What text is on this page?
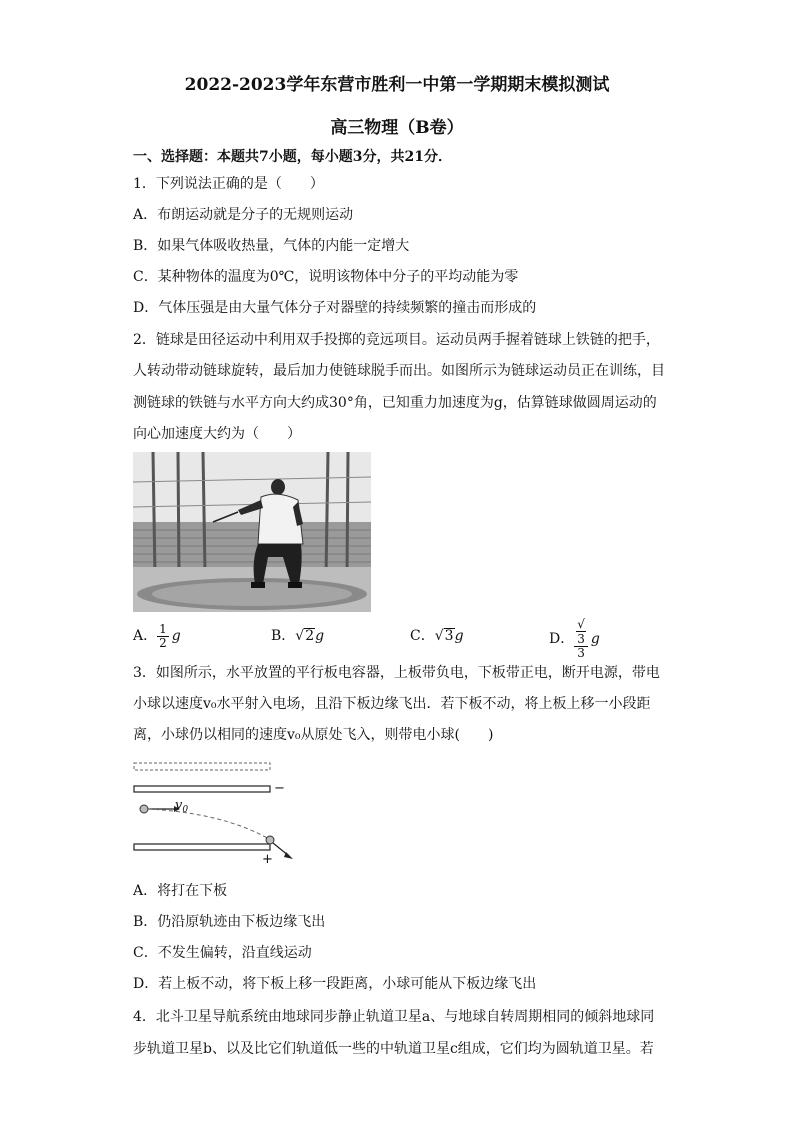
2022-2023学年东营市胜利一中第一学期期末模拟测试
高三物理（B卷）
一、选择题：本题共7小题，每小题3分，共21分．
1．下列说法正确的是（　　）
A．布朗运动就是分子的无规则运动
B．如果气体吸收热量，气体的内能一定增大
C．某种物体的温度为0℃，说明该物体中分子的平均动能为零
D．气体压强是由大量气体分子对器壁的持续频繁的撞击而形成的
2．链球是田径运动中利用双手投掷的竞远项目。运动员两手握着链球上铁链的把手，
人转动带动链球旋转，最后加力使链球脱手而出。如图所示为链球运动员正在训练，目
测链球的铁链与水平方向大约成30°角，已知重力加速度为g，估算链球做圆周运动的
向心加速度大约为（　　）
A． $\frac{1}{2}$ g	B．√2g	C．√3g	D． √
3
3 g
3．如图所示，水平放置的平行板电容器，上板带负电，下板带正电，断开电源，带电
小球以速度v₀水平射入电场，且沿下板边缘飞出．若下板不动，将上板上移一小段距
离，小球仍以相同的速度v₀从原处飞入，则带电小球(　　)
−
+
$v_0$
A．将打在下板
B．仍沿原轨迹由下板边缘飞出
C．不发生偏转，沿直线运动
D．若上板不动，将下板上移一段距离，小球可能从下板边缘飞出
4．北斗卫星导航系统由地球同步静止轨道卫星a、与地球自转周期相同的倾斜地球同
步轨道卫星b、以及比它们轨道低一些的中轨道卫星c组成，它们均为圆轨道卫星。若
